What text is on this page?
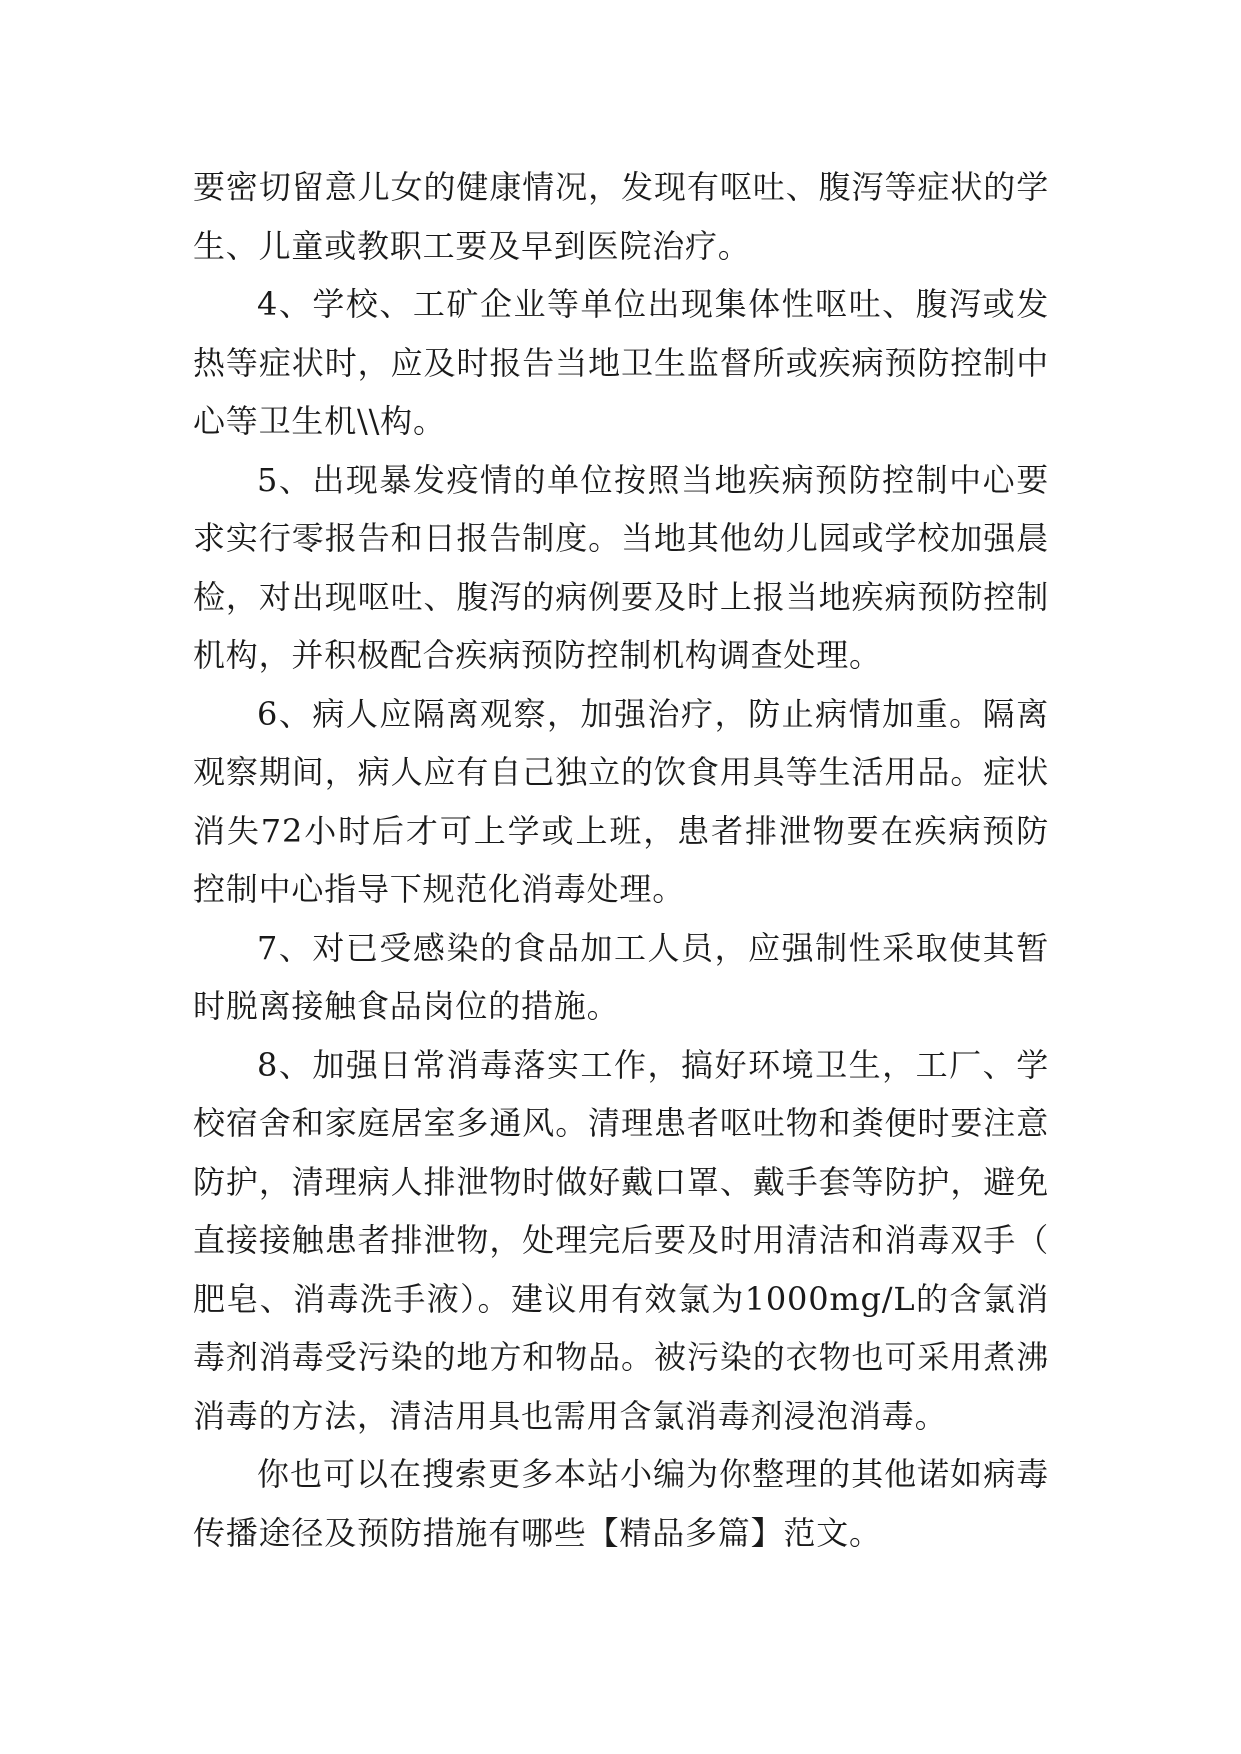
要密切留意儿女的健康情况，发现有呕吐、腹泻等症状的学生、儿童或教职工要及早到医院治疗。

4、学校、工矿企业等单位出现集体性呕吐、腹泻或发热等症状时，应及时报告当地卫生监督所或疾病预防控制中心等卫生机\\构。

5、出现暴发疫情的单位按照当地疾病预防控制中心要求实行零报告和日报告制度。当地其他幼儿园或学校加强晨检，对出现呕吐、腹泻的病例要及时上报当地疾病预防控制机构，并积极配合疾病预防控制机构调查处理。

6、病人应隔离观察，加强治疗，防止病情加重。隔离观察期间，病人应有自己独立的饮食用具等生活用品。症状消失72小时后才可上学或上班，患者排泄物要在疾病预防控制中心指导下规范化消毒处理。

7、对已受感染的食品加工人员，应强制性采取使其暂时脱离接触食品岗位的措施。

8、加强日常消毒落实工作，搞好环境卫生，工厂、学校宿舍和家庭居室多通风。清理患者呕吐物和粪便时要注意防护，清理病人排泄物时做好戴口罩、戴手套等防护，避免直接接触患者排泄物，处理完后要及时用清洁和消毒双手（肥皂、消毒洗手液）。建议用有效氯为1000mg/L的含氯消毒剂消毒受污染的地方和物品。被污染的衣物也可采用煮沸消毒的方法，清洁用具也需用含氯消毒剂浸泡消毒。

你也可以在搜索更多本站小编为你整理的其他诺如病毒传播途径及预防措施有哪些【精品多篇】范文。
